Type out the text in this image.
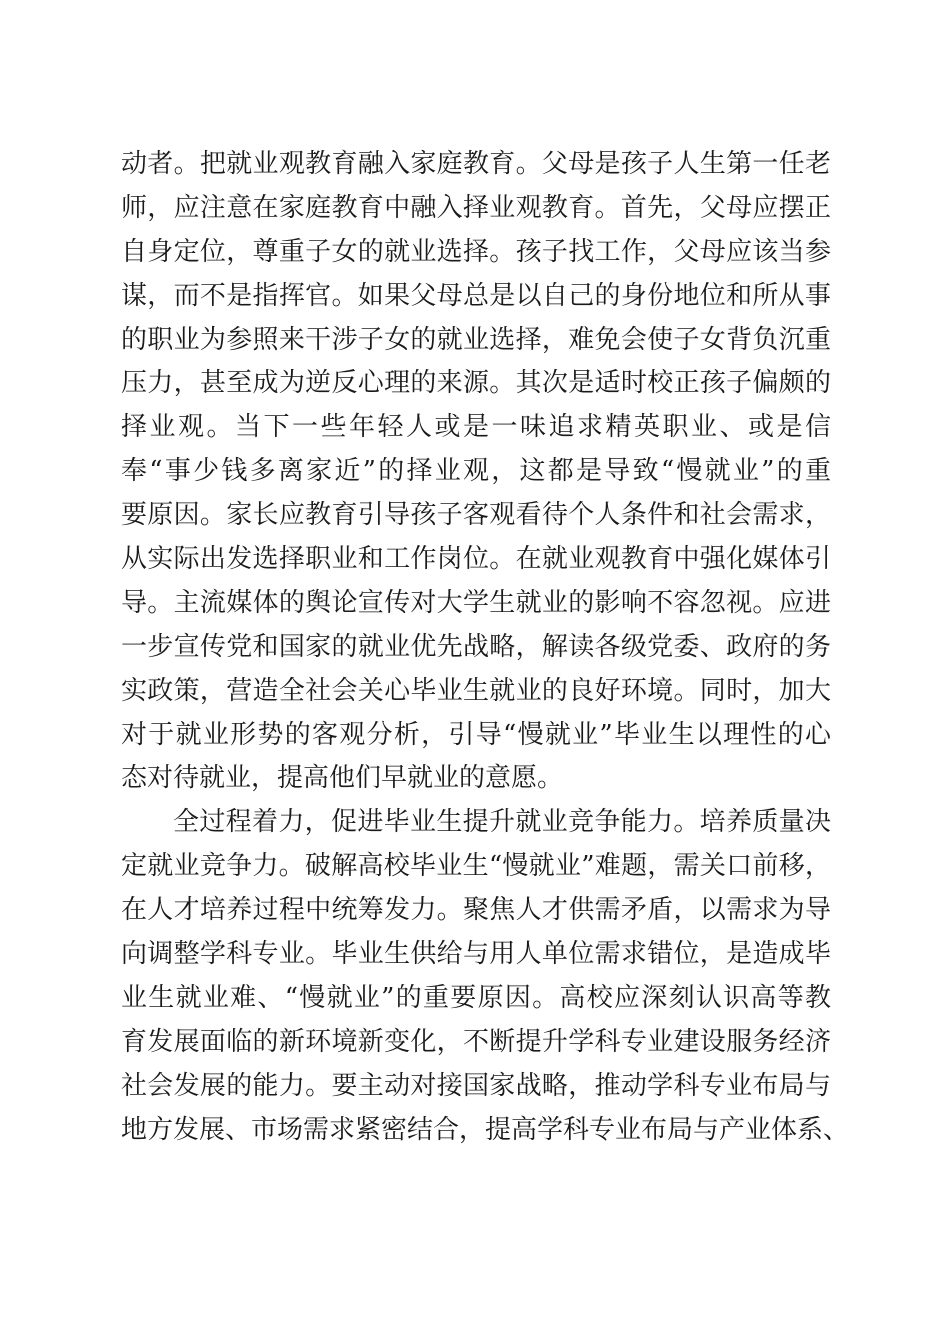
动者。把就业观教育融入家庭教育。父母是孩子人生第一任老
师，应注意在家庭教育中融入择业观教育。首先，父母应摆正
自身定位，尊重子女的就业选择。孩子找工作，父母应该当参
谋，而不是指挥官。如果父母总是以自己的身份地位和所从事
的职业为参照来干涉子女的就业选择，难免会使子女背负沉重
压力，甚至成为逆反心理的来源。其次是适时校正孩子偏颇的
择业观。当下一些年轻人或是一味追求精英职业、或是信
奉“事少钱多离家近”的择业观，这都是导致“慢就业”的重
要原因。家长应教育引导孩子客观看待个人条件和社会需求，
从实际出发选择职业和工作岗位。在就业观教育中强化媒体引
导。主流媒体的舆论宣传对大学生就业的影响不容忽视。应进
一步宣传党和国家的就业优先战略，解读各级党委、政府的务
实政策，营造全社会关心毕业生就业的良好环境。同时，加大
对于就业形势的客观分析，引导“慢就业”毕业生以理性的心
态对待就业，提高他们早就业的意愿。
全过程着力，促进毕业生提升就业竞争能力。培养质量决
定就业竞争力。破解高校毕业生“慢就业”难题，需关口前移，
在人才培养过程中统筹发力。聚焦人才供需矛盾，以需求为导
向调整学科专业。毕业生供给与用人单位需求错位，是造成毕
业生就业难、“慢就业”的重要原因。高校应深刻认识高等教
育发展面临的新环境新变化，不断提升学科专业建设服务经济
社会发展的能力。要主动对接国家战略，推动学科专业布局与
地方发展、市场需求紧密结合，提高学科专业布局与产业体系、
